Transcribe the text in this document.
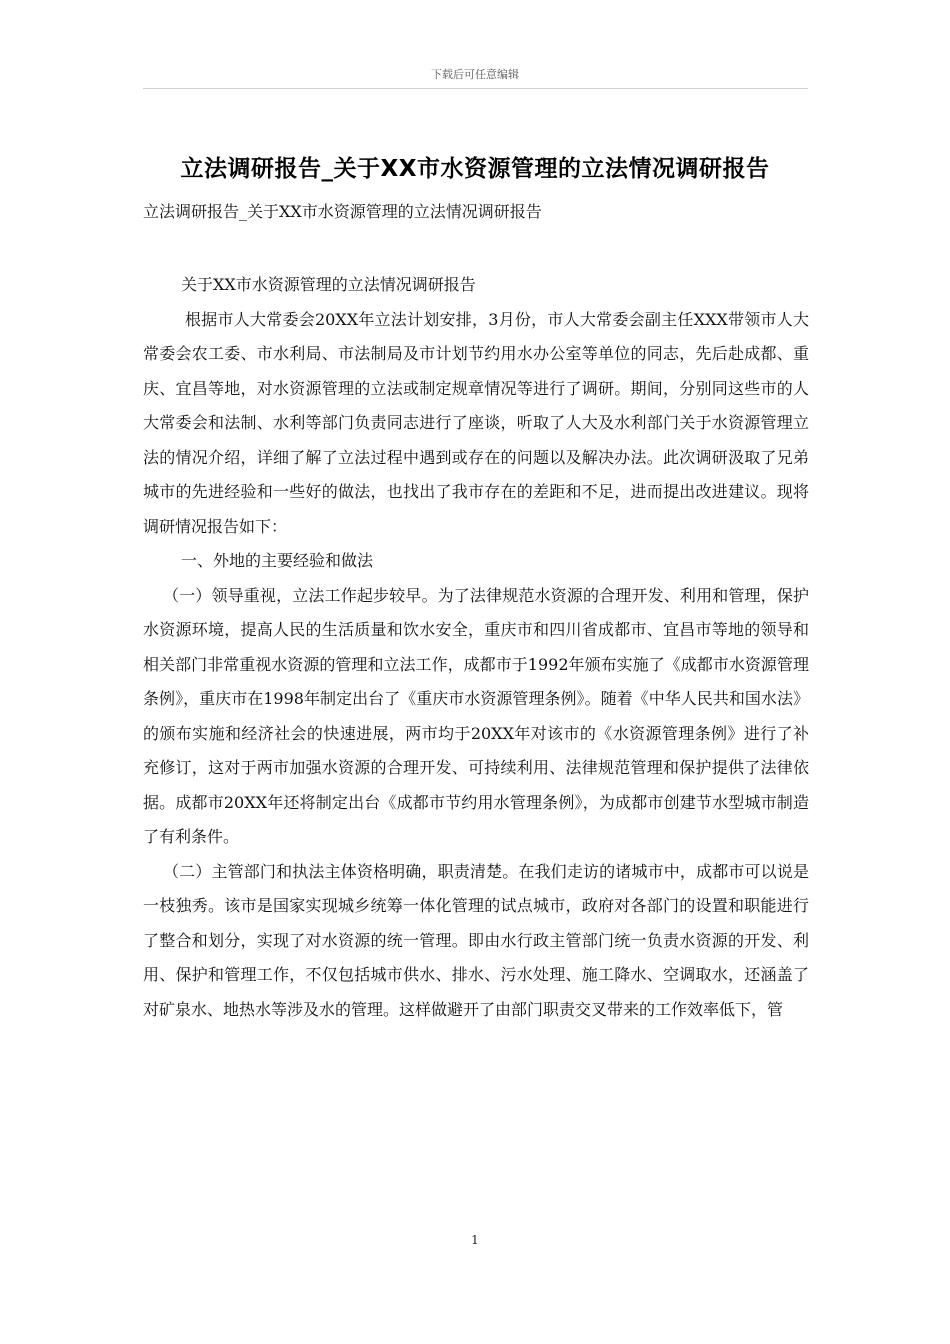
下载后可任意编辑
立法调研报告_关于XX市水资源管理的立法情况调研报告
立法调研报告_关于XX市水资源管理的立法情况调研报告

关于XX市水资源管理的立法情况调研报告

根据市人大常委会20XX年立法计划安排，3月份，市人大常委会副主任XXX带领市人大常委会农工委、市水利局、市法制局及市计划节约用水办公室等单位的同志，先后赴成都、重庆、宜昌等地，对水资源管理的立法或制定规章情况等进行了调研。期间，分别同这些市的人大常委会和法制、水利等部门负责同志进行了座谈，听取了人大及水利部门关于水资源管理立法的情况介绍，详细了解了立法过程中遇到或存在的问题以及解决办法。此次调研汲取了兄弟城市的先进经验和一些好的做法，也找出了我市存在的差距和不足，进而提出改进建议。现将调研情况报告如下：

一、外地的主要经验和做法

（一）领导重视，立法工作起步较早。为了法律规范水资源的合理开发、利用和管理，保护水资源环境，提高人民的生活质量和饮水安全，重庆市和四川省成都市、宜昌市等地的领导和相关部门非常重视水资源的管理和立法工作，成都市于1992年颁布实施了《成都市水资源管理条例》，重庆市在1998年制定出台了《重庆市水资源管理条例》。随着《中华人民共和国水法》的颁布实施和经济社会的快速进展，两市均于20XX年对该市的《水资源管理条例》进行了补充修订，这对于两市加强水资源的合理开发、可持续利用、法律规范管理和保护提供了法律依据。成都市20XX年还将制定出台《成都市节约用水管理条例》，为成都市创建节水型城市制造了有利条件。

（二）主管部门和执法主体资格明确，职责清楚。在我们走访的诸城市中，成都市可以说是一枝独秀。该市是国家实现城乡统筹一体化管理的试点城市，政府对各部门的设置和职能进行了整合和划分，实现了对水资源的统一管理。即由水行政主管部门统一负责水资源的开发、利用、保护和管理工作，不仅包括城市供水、排水、污水处理、施工降水、空调取水，还涵盖了对矿泉水、地热水等涉及水的管理。这样做避开了由部门职责交叉带来的工作效率低下，管

1
